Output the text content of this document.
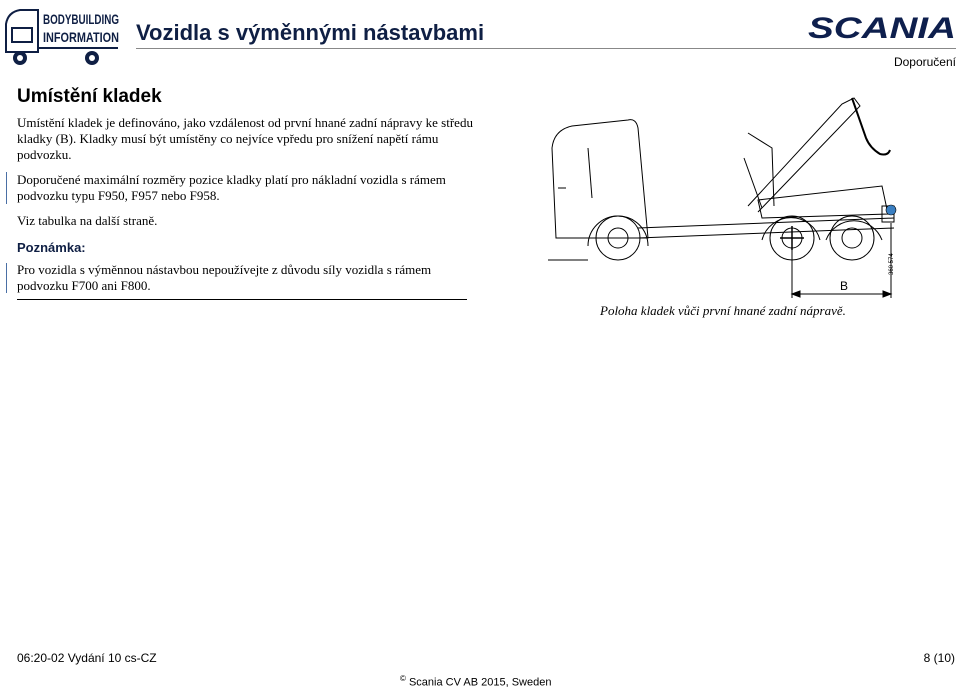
BODYBUILDING
INFORMATION Vozidla s výměnnými nástavbami	SCANIA
Doporučení
Umístění kladek

Umístění kladek je definováno, jako vzdálenost od první hnané zadní nápravy ke středu kladky (B). Kladky musí být umístěny co nejvíce vpředu pro snížení napětí rámu podvozku.

Doporučené maximální rozměry pozice kladky platí pro nákladní vozidla s rámem podvozku typu F950, F957 nebo F958.

Viz tabulka na další straně.

Poznámka:

Pro vozidla s výměnnou nástavbou nepoužívejte z důvodu síly vozidla s rámem podvozku F700 ani F800.	B
360 574
Poloha kladek vůči první hnané zadní nápravě.
06:20-02 Vydání 10 cs-CZ	8 (10)
© Scania CV AB 2015, Sweden
